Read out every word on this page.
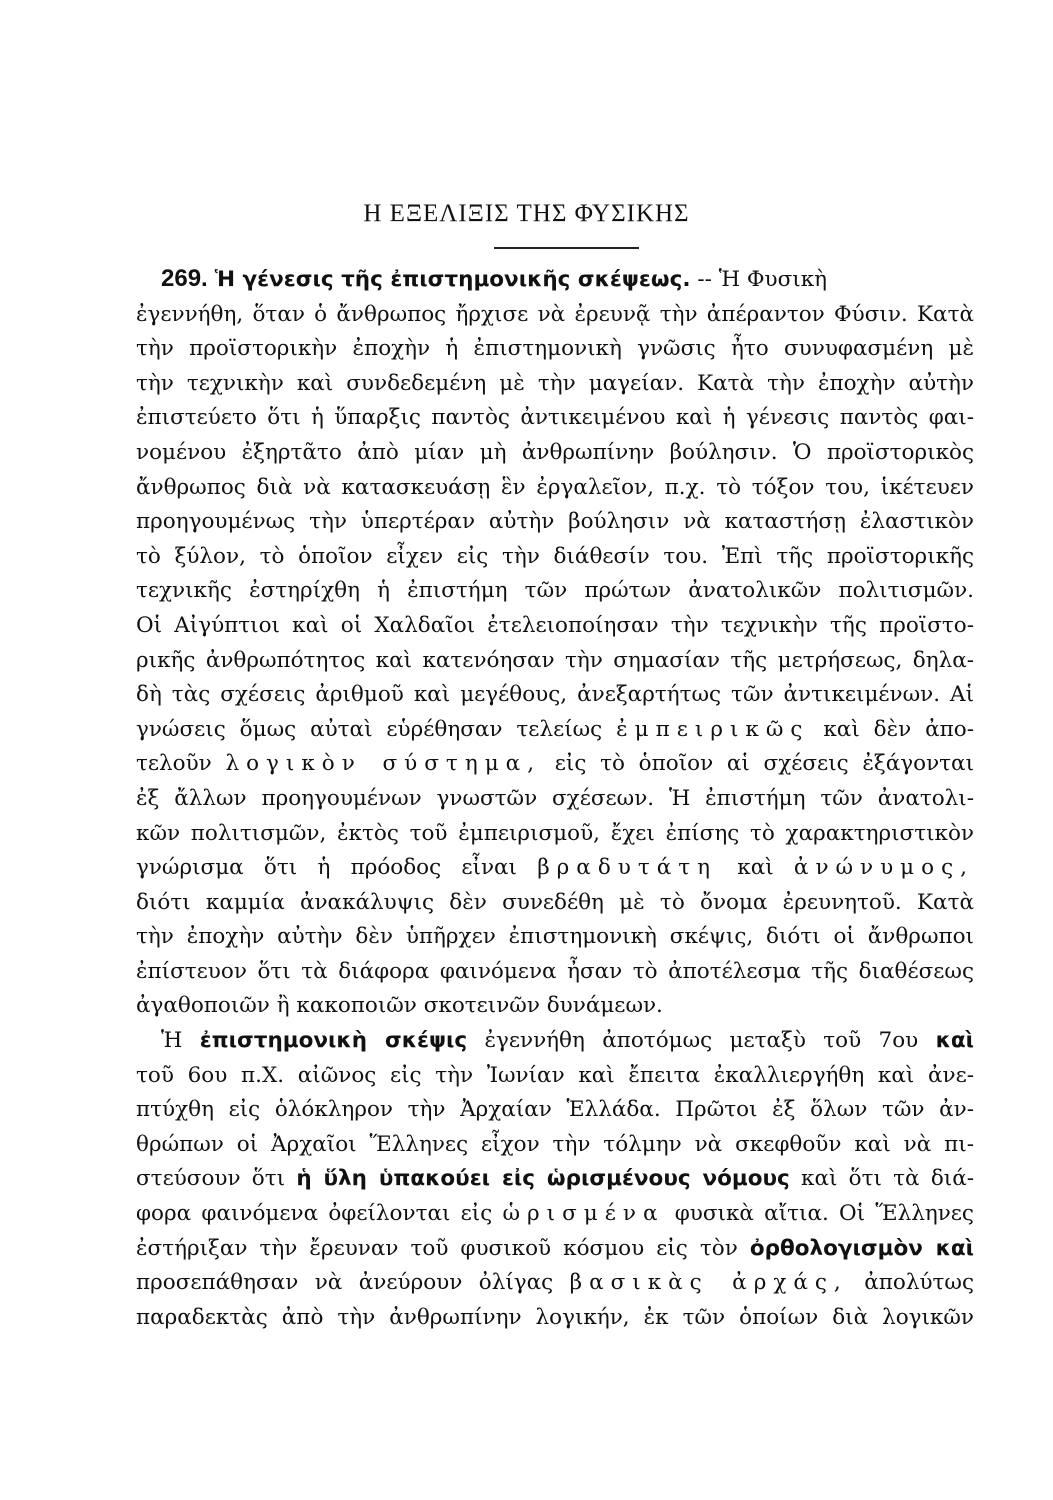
Η ΕΞΕΛΙΞΙΣ ΤΗΣ ΦΥΣΙΚΗΣ
269. Ἡ γένεσις τῆς ἐπιστημονικῆς σκέψεως. -- Ἡ Φυσικὴ
ἐγεννήθη, ὅταν ὁ ἄνθρωπος ἤρχισε νὰ ἐρευνᾷ τὴν ἀπέραντον Φύσιν. Κατὰ
τὴν προϊστορικὴν ἐποχὴν ἡ ἐπιστημονικὴ γνῶσις ἦτο συνυφασμένη μὲ
τὴν τεχνικὴν καὶ συνδεδεμένη μὲ τὴν μαγείαν. Κατὰ τὴν ἐποχὴν αὐτὴν
ἐπιστεύετο ὅτι ἡ ὕπαρξις παντὸς ἀντικειμένου καὶ ἡ γένεσις παντὸς φαι-
νομένου ἐξηρτᾶτο ἀπὸ μίαν μὴ ἀνθρωπίνην βούλησιν. Ὁ προϊστορικὸς
ἄνθρωπος διὰ νὰ κατασκευάσῃ ἓν ἐργαλεῖον, π.χ. τὸ τόξον του, ἱκέτευεν
προηγουμένως τὴν ὑπερτέραν αὐτὴν βούλησιν νὰ καταστήσῃ ἐλαστικὸν
τὸ ξύλον, τὸ ὁποῖον εἶχεν εἰς τὴν διάθεσίν του. Ἐπὶ τῆς προϊστορικῆς
τεχνικῆς ἐστηρίχθη ἡ ἐπιστήμη τῶν πρώτων ἀνατολικῶν πολιτισμῶν.
Οἱ Αἰγύπτιοι καὶ οἱ Χαλδαῖοι ἐτελειοποίησαν τὴν τεχνικὴν τῆς προϊστο-
ρικῆς ἀνθρωπότητος καὶ κατενόησαν τὴν σημασίαν τῆς μετρήσεως, δηλα-
δὴ τὰς σχέσεις ἀριθμοῦ καὶ μεγέθους, ἀνεξαρτήτως τῶν ἀντικειμένων. Αἱ
γνώσεις ὅμως αὐταὶ εὑρέθησαν τελείως ἐμπειρικῶς καὶ δὲν ἀπο-
τελοῦν λογικὸν σύστημα, εἰς τὸ ὁποῖον αἱ σχέσεις ἐξάγονται
ἐξ ἄλλων προηγουμένων γνωστῶν σχέσεων. Ἡ ἐπιστήμη τῶν ἀνατολι-
κῶν πολιτισμῶν, ἐκτὸς τοῦ ἐμπειρισμοῦ, ἔχει ἐπίσης τὸ χαρακτηριστικὸν
γνώρισμα ὅτι ἡ πρόοδος εἶναι βραδυτάτη καὶ ἀνώνυμος,
διότι καμμία ἀνακάλυψις δὲν συνεδέθη μὲ τὸ ὄνομα ἐρευνητοῦ. Κατὰ
τὴν ἐποχὴν αὐτὴν δὲν ὑπῆρχεν ἐπιστημονικὴ σκέψις, διότι οἱ ἄνθρωποι
ἐπίστευον ὅτι τὰ διάφορα φαινόμενα ἦσαν τὸ ἀποτέλεσμα τῆς διαθέσεως
ἀγαθοποιῶν ἢ κακοποιῶν σκοτεινῶν δυνάμεων.
Ἡ ἐπιστημονικὴ σκέψις ἐγεννήθη ἀποτόμως μεταξὺ τοῦ 7ου καὶ
τοῦ 6ου π.Χ. αἰῶνος εἰς τὴν Ἰωνίαν καὶ ἔπειτα ἐκαλλιεργήθη καὶ ἀνε-
πτύχθη εἰς ὁλόκληρον τὴν Ἀρχαίαν Ἑλλάδα. Πρῶτοι ἐξ ὅλων τῶν ἀν-
θρώπων οἱ Ἀρχαῖοι Ἕλληνες εἶχον τὴν τόλμην νὰ σκεφθοῦν καὶ νὰ πι-
στεύσουν ὅτι ἡ ὕλη ὑπακούει εἰς ὡρισμένους νόμους καὶ ὅτι τὰ διά-
φορα φαινόμενα ὀφείλονται εἰς ὡρισμένα φυσικὰ αἴτια. Οἱ Ἕλληνες
ἐστήριξαν τὴν ἔρευναν τοῦ φυσικοῦ κόσμου εἰς τὸν ὀρθολογισμὸν καὶ
προσεπάθησαν νὰ ἀνεύρουν ὀλίγας βασικὰς ἀρχάς, ἀπολύτως
παραδεκτὰς ἀπὸ τὴν ἀνθρωπίνην λογικήν, ἐκ τῶν ὁποίων διὰ λογικῶν
